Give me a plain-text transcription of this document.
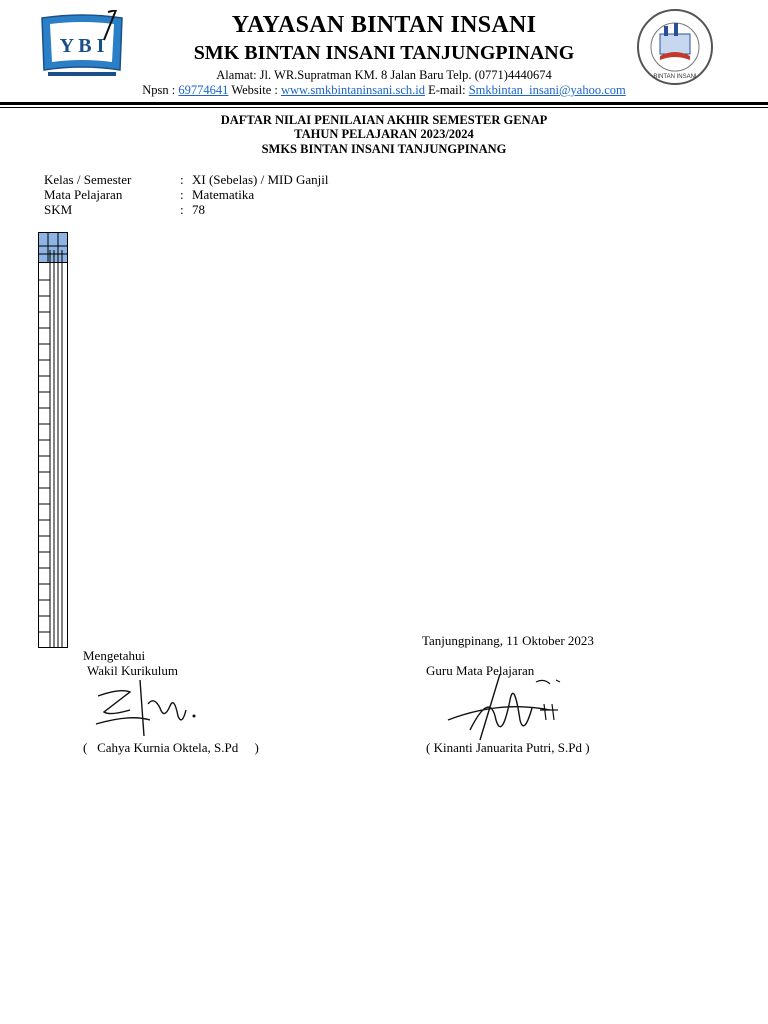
Y B I
BINTAN INSANI
YAYASAN BINTAN INSANI
SMK BINTAN INSANI TANJUNGPINANG
Alamat: Jl. WR.Supratman KM. 8 Jalan Baru Telp. (0771)4440674
Npsn : 69774641 Website : www.smkbintaninsani.sch.id E-mail: Smkbintan_insani@yahoo.com
DAFTAR NILAI PENILAIAN AKHIR SEMESTER GENAP
TAHUN PELAJARAN 2023/2024
SMKS BINTAN INSANI TANJUNGPINANG
Kelas / Semester	: XI (Sebelas) / MID Ganjil
Mata Pelajaran	: Matematika
SKM	: 78
Tanjungpinang, 11 Oktober 2023
Mengetahui
Wakil Kurikulum	Guru Mata Pelajaran
(   Cahya Kurnia Oktela, S.Pd     )	( Kinanti Januarita Putri, S.Pd )
